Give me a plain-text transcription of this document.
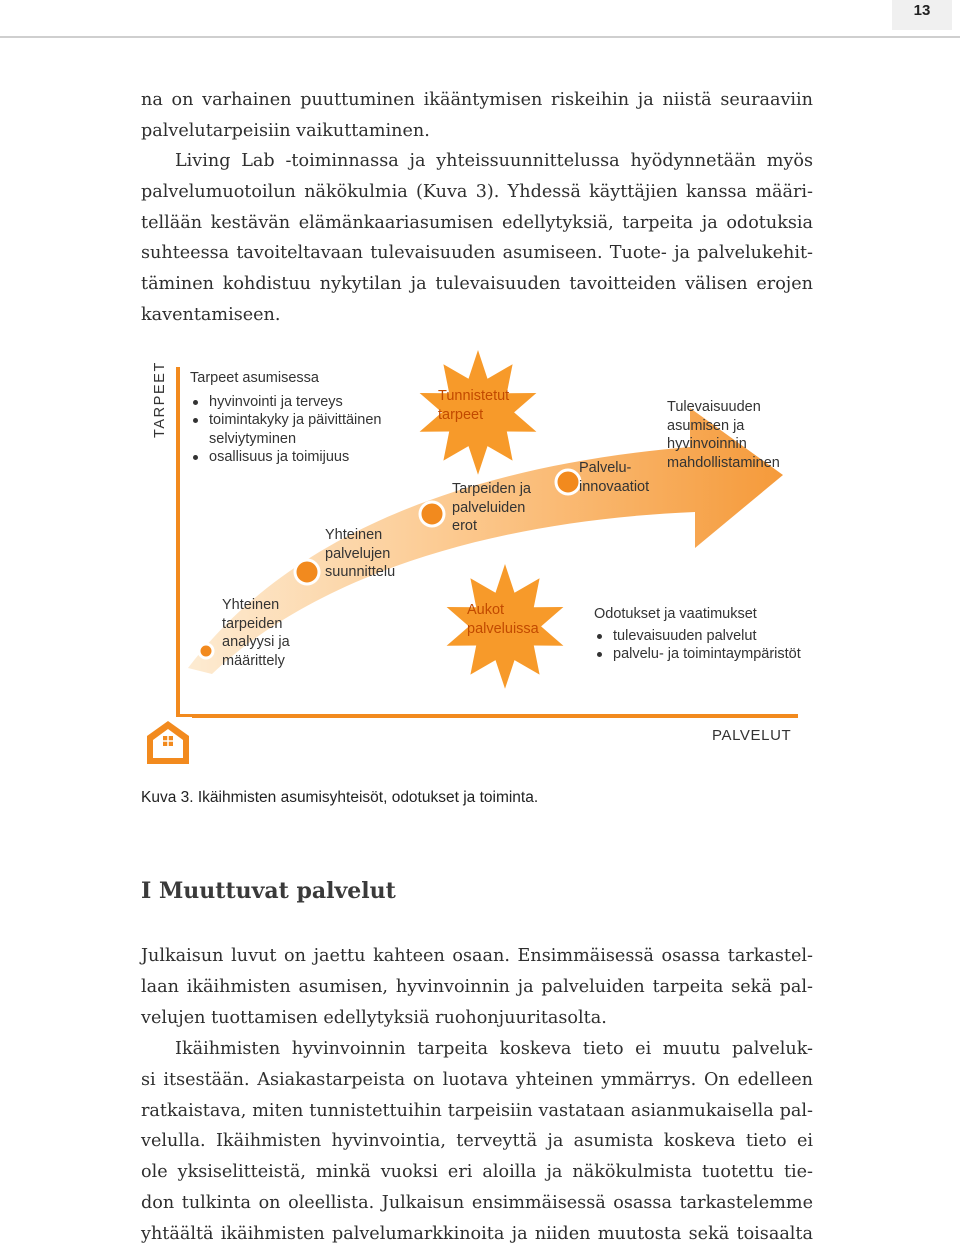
13
na on varhainen puuttuminen ikääntymisen riskeihin ja niistä seuraaviin
palvelutarpeisiin vaikuttaminen.
Living Lab -toiminnassa ja yhteissuunnittelussa hyödynnetään myös
palvelumuotoilun näkökulmia (Kuva 3). Yhdessä käyttäjien kanssa määri-
tellään kestävän elämänkaariasumisen edellytyksiä, tarpeita ja odotuksia
suhteessa tavoiteltavaan tulevaisuuden asumiseen. Tuote- ja palvelukehit-
täminen kohdistuu nykytilan ja tulevaisuuden tavoitteiden välisen erojen
kaventamiseen.
TARPEET
PALVELUT
Tarpeet asumisessa
hyvinvointi ja terveys
toimintakyky ja päivittäinen
selviytyminen
osallisuus ja toimijuus
Tunnistetut
tarpeet
Aukot
palveluissa
Yhteinen
tarpeiden
analyysi ja
määrittely
Yhteinen
palvelujen
suunnittelu
Tarpeiden ja
palveluiden
erot
Palvelu-
innovaatiot
Tulevaisuuden
asumisen ja
hyvinvoinnin
mahdollistaminen
Odotukset ja vaatimukset
tulevaisuuden palvelut
palvelu- ja toimintaympäristöt
Kuva 3. Ikäihmisten asumisyhteisöt, odotukset ja toiminta.
I Muuttuvat palvelut
Julkaisun luvut on jaettu kahteen osaan. Ensimmäisessä osassa tarkastel-
laan ikäihmisten asumisen, hyvinvoinnin ja palveluiden tarpeita sekä pal-
velujen tuottamisen edellytyksiä ruohonjuuritasolta.
Ikäihmisten hyvinvoinnin tarpeita koskeva tieto ei muutu palveluk-
si itsestään. Asiakastarpeista on luotava yhteinen ymmärrys. On edelleen
ratkaistava, miten tunnistettuihin tarpeisiin vastataan asianmukaisella pal-
velulla. Ikäihmisten hyvinvointia, terveyttä ja asumista koskeva tieto ei
ole yksiselitteistä, minkä vuoksi eri aloilla ja näkökulmista tuotettu tie-
don tulkinta on oleellista. Julkaisun ensimmäisessä osassa tarkastelemme
yhtäältä ikäihmisten palvelumarkkinoita ja niiden muutosta sekä toisaalta
